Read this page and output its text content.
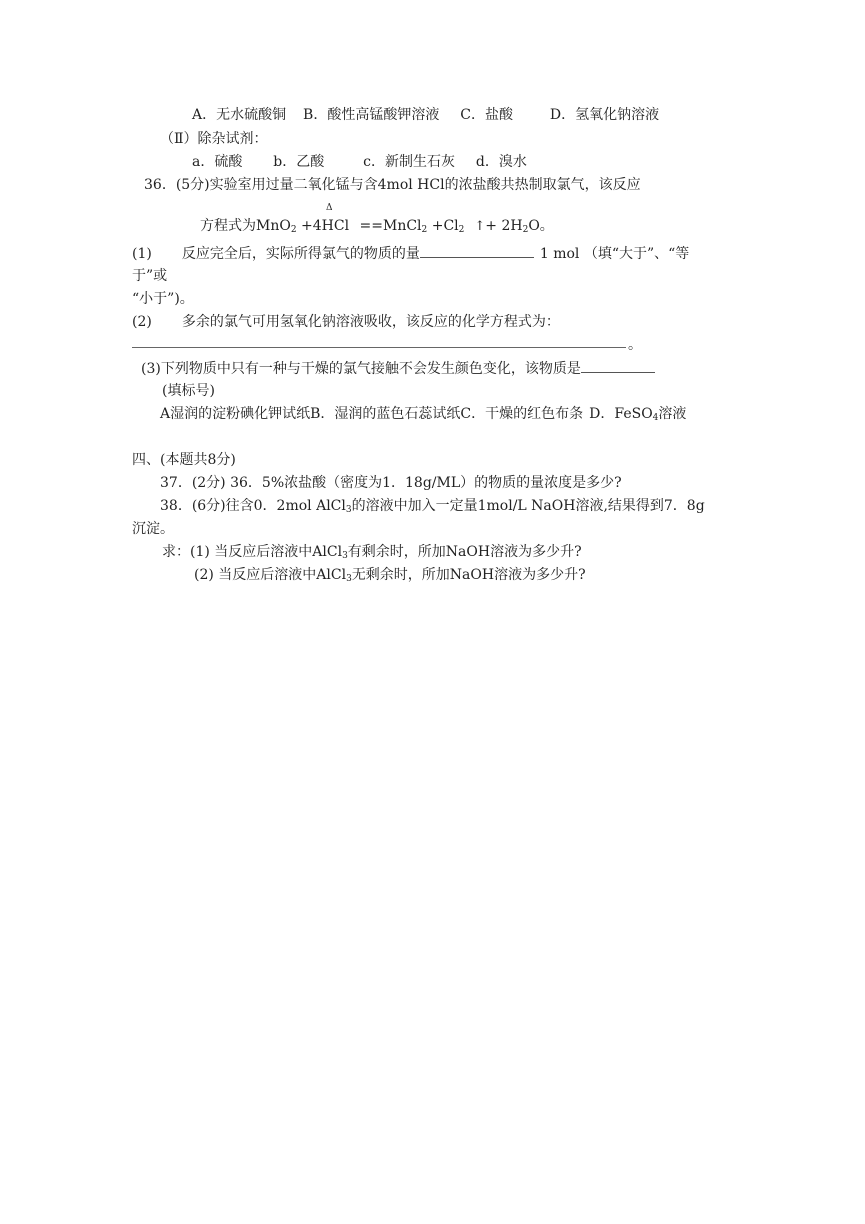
A．无水硫酸铜 B．酸性高锰酸钾溶液 C．盐酸	D．氢氧化钠溶液
（Ⅱ）除杂试剂：
a．硫酸 b．乙酸	c．新制生石灰 d．溴水
36．(5分)实验室用过量二氧化锰与含4mol HCl的浓盐酸共热制取氯气，该反应
Δ
方程式为MnO$_2$ +4HCl ==MnCl$_2$ $+Cl_2$ ↑+ $2H_2O$。
(1) 反应完全后，实际所得氯气的物质的量	1 mol （填“大于”、“等
于”或
“小于”)。
(2) 多余的氯气可用氢氧化钠溶液吸收，该反应的化学方程式为：
。
(3)下列物质中只有一种与干燥的氯气接触不会发生颜色变化，该物质是
(填标号)
A湿润的淀粉碘化钾试纸B．湿润的蓝色石蕊试纸C．干燥的红色布条 D．FeSO$_4$溶液
四、(本题共8分)
37．(2分) 36．5%浓盐酸（密度为1．18g/ML）的物质的量浓度是多少?
38．(6分)往含0．2mol AlCl$_3$的溶液中加入一定量1mol/L NaOH溶液,结果得到7．8g
沉淀。
求：(1) 当反应后溶液中AlCl$_3$有剩余时，所加NaOH溶液为多少升?
(2) 当反应后溶液中AlCl$_3$无剩余时，所加NaOH溶液为多少升?
